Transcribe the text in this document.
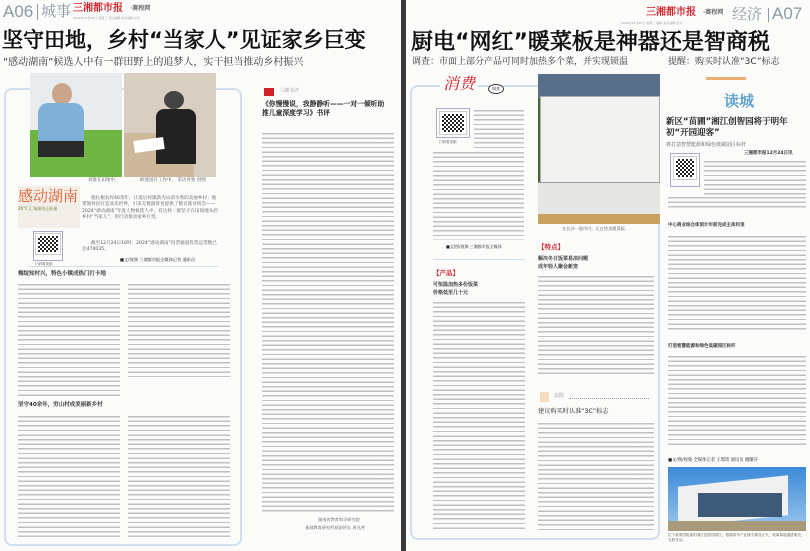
A06 城事 三湘都市报 ·赛程网
2024年12月25日 星期三 责任编辑 美术编辑 校对
坚守田地，乡村“当家人”见证家乡巨变
“感动湖南”候选人中有一群田野上的追梦人，实干担当推动乡村振兴
刘准在田地中。	欧爱国在工作中。 采访对象 供图
感动湖南
26°C 汇聚湖南正能量
扫码看视频
他扎根农村40余年，让落后村镇新为山清水秀的美丽乡村；他带领村民打造欢乐世界，引来无数游客也提供了数百就业机会——2024“感动湖南”年度人物候选人中，有这样一群坚守在田间地头的乡村“当家人”，用行动推动家乡巨变。
截至12月24日16时，2024“感动湖南”投票通道投票总票数已达470035。
■文/视频 三湘都市报全媒体记者 通讯员
梅绽知村兴，特色小镇成热门打卡地
坚守40余年，穷山村成美丽新乡村
三湘书评
《你慢慢说，我静静听——一对一倾听助推儿童深度学习》书评
湖南省教育科学研究院
基础教育研究所原副所长 周丛笑
三湘都市报 ·赛程网
2024年12月25日 星期三 编辑 美术编辑 校对	经济 A07
厨电“网红”暖菜板是神器还是智商税
调查：市面上部分产品可同时加热多个菜，并实现锁温	提醒：购买时认准“3C”标志
消费	调查
扫码看视频
■文/图/视频 三湘都市报全媒体
在长沙一超市内，正在售卖暖菜板。
【产品】
可恒温加热多份饭菜
价格低至几十元
【特点】
解决冬日饭菜易凉问题
成年轻人聚会新宠
提醒
建议购买时认准“3C”标志
读城
新区“苗圃”湘江创智园将于明年初“开园迎客”
将打造智慧能源和绿色低碳园区标杆
三湘都市报12月24日讯
中心商业综合体预计年前完成主体封顶
打造智慧能源和绿色低碳园区标杆
■文/图/视频 全媒体记者 王璟琦 通讯员 谢璐莎
位于新果园街道的湘江创智园园区，错落排布产业楼宇颇具大气，玻璃幕墙通透明亮，光影灵动。
